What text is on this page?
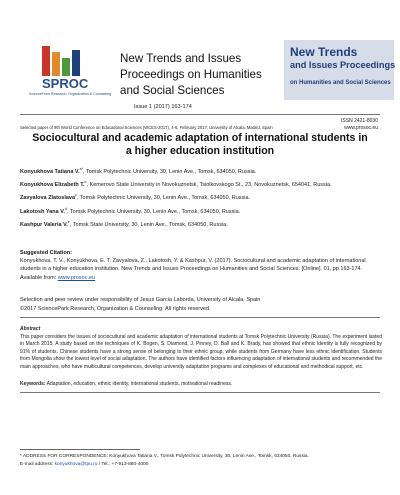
SPROC
ScienceForm Research, Organization & Counseling
New Trends and Issues Proceedings on Humanities and Social Sciences
Issue 1 (2017) 163-174
New Trends
and Issues Proceedings
on Humanities and Social Sciences
ISSN 2421-8030
www.prosoc.eu
Selected paper of 9th World Conference on Educational Sciences (WCES-2017), 4-6, February 2017, University of Alcala, Madrid, Spain
Sociocultural and academic adaptation of international students in a higher education institution
Konyukhova Tatiana V.$^{a*}$, Tomsk Polytechnic University, 30, Lenin Ave., Tomsk, 634050, Russia.
Konyukhova Elizabeth T.$^b$, Kemerovo State University in Novokuznetsk, Tsiolkovskogo St., 23, Novokuznetsk, 654041, Russia.
Zavyalova Zlatoslava$^c$, Tomsk Polytechnic University, 30, Lenin Ave., Tomsk, 634050, Russia.
Lakotosh Yana V.$^d$, Tomsk Polytechnic University, 30, Lenin Ave., Tomsk, 634050, Russia.
Kashpur Valeria V.$^e$, Tomsk State University, 30, Lenin Ave., Tomsk, 634050, Russia.
Suggested Citation:
Konyukhova, T. V., Konyukhova, E. T. Zavyalova, Z., Lakotosh, Y. & Kashpur, V. (2017). Sociocultural and academic adaptation of international students in a higher education institution. New Trends and Issues Proceedings on Humanities and Social Sciences. [Online]. 01, pp 163-174. Available from: www.prosoc.eu
Selection and peer review under responsibility of Jesus Garcia Laborda, University of Alcala, Spain
©2017 SciencePark Research, Organization & Counseling. All rights reserved.
Abstract
This paper considers the issues of sociocultural and academic adaptation of international students at Tomsk Polytechnic University (Russia). The experiment lasted in March 2015. A study based on the techniques of K. Bogen, S. Diamond, J. Pinney, D. Ball and K. Brady, has showed that ethnic identity is fully recognized by 91% of students. Chinese students have a strong sense of belonging to their ethnic group, while students from Germany have less ethnic identification. Students from Mongolia show the lowest level of social adaptation. The authors have identified factors influencing adaptation of international students and recommended the main approaches, who have multicultural competences, develop university adaptation programs and complexes of educational and methodical support, etc.
Keywords: Adaptation, education, ethnic identity, international students, motivational readiness.
* ADDRESS FOR CORRESPONDENCE: Konyukhova Tatiana V., Tomsk Polytechnic University, 30, Lenin Ave., Tomsk, 634050, Russia.
E-mail address: konyukhova@tpu.ru / Tel.: +7-913-880-4000
